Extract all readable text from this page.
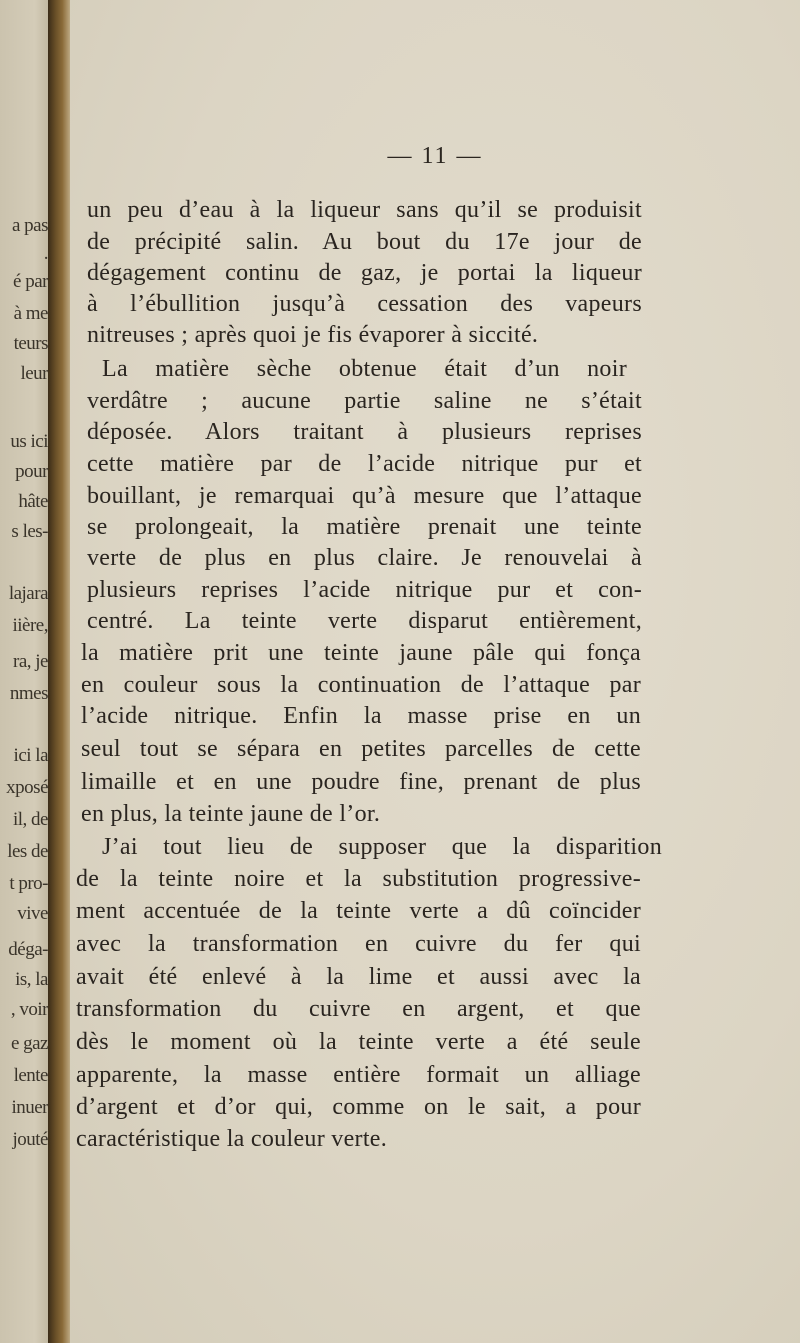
a pas
.
é par
à me
teurs
leur
us ici
pour
hâte
s les-
lajara
iière,
ra, je
nmes
ici la
xposé
il, de
les de
t pro-
vive
déga-
is, la
, voir
e gaz
lente
inuer
jouté
— 11 —
un peu d’eau à la liqueur sans qu’il se produisit
de précipité salin. Au bout du 17e jour de
dégagement continu de gaz, je portai la liqueur
à l’ébullition jusqu’à cessation des vapeurs
nitreuses ; après quoi je fis évaporer à siccité.
La matière sèche obtenue était d’un noir
verdâtre ; aucune partie saline ne s’était
déposée. Alors traitant à plusieurs reprises
cette matière par de l’acide nitrique pur et
bouillant, je remarquai qu’à mesure que l’attaque
se prolongeait, la matière prenait une teinte
verte de plus en plus claire. Je renouvelai à
plusieurs reprises l’acide nitrique pur et con-
centré. La teinte verte disparut entièrement,
la matière prit une teinte jaune pâle qui fonça
en couleur sous la continuation de l’attaque par
l’acide nitrique. Enfin la masse prise en un
seul tout se sépara en petites parcelles de cette
limaille et en une poudre fine, prenant de plus
en plus, la teinte jaune de l’or.
J’ai tout lieu de supposer que la disparition
de la teinte noire et la substitution progressive-
ment accentuée de la teinte verte a dû coïncider
avec la transformation en cuivre du fer qui
avait été enlevé à la lime et aussi avec la
transformation du cuivre en argent, et que
dès le moment où la teinte verte a été seule
apparente, la masse entière formait un alliage
d’argent et d’or qui, comme on le sait, a pour
caractéristique la couleur verte.
